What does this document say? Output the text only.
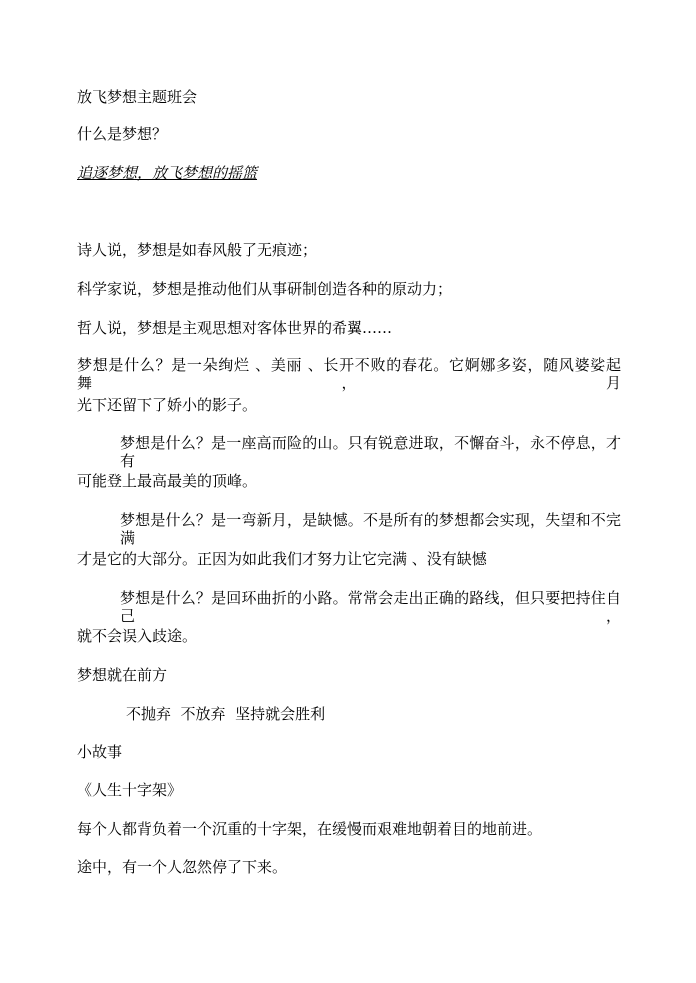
放飞梦想主题班会
什么是梦想？
追逐梦想，放飞梦想的摇篮
诗人说，梦想是如春风般了无痕迹；
科学家说，梦想是推动他们从事研制创造各种的原动力；
哲人说，梦想是主观思想对客体世界的希翼……
梦想是什么？是一朵绚烂 、美丽 、长开不败的春花。它婀娜多姿，随风婆娑起舞，月
光下还留下了娇小的影子。
梦想是什么？是一座高而险的山。只有锐意进取，不懈奋斗，永不停息，才有
可能登上最高最美的顶峰。
梦想是什么？是一弯新月，是缺憾。不是所有的梦想都会实现，失望和不完满
才是它的大部分。正因为如此我们才努力让它完满 、没有缺憾
梦想是什么？是回环曲折的小路。常常会走出正确的路线，但只要把持住自己，
就不会误入歧途。
梦想就在前方
不抛弃  不放弃  坚持就会胜利
小故事
《人生十字架》
每个人都背负着一个沉重的十字架，在缓慢而艰难地朝着目的地前进。
途中，有一个人忽然停了下来。
